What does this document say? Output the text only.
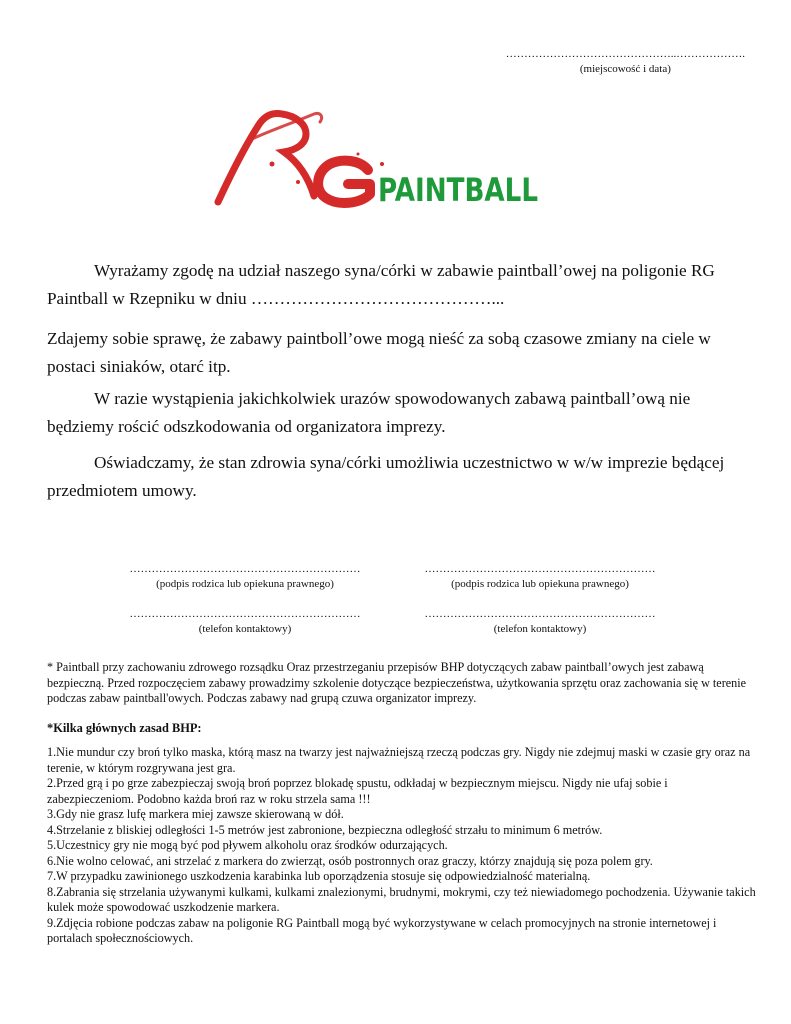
………………………………………..……………….
(miejscowość i data)
PAINTBALL
Wyrażamy zgodę na udział naszego syna/córki w zabawie paintball’owej na poligonie RG Paintball w Rzepniku w dniu ……………………………………...
Zdajemy sobie sprawę, że zabawy paintboll’owe mogą nieść za sobą czasowe zmiany na ciele w postaci siniaków, otarć itp.
W razie wystąpienia jakichkolwiek urazów spowodowanych zabawą paintball’ową nie będziemy rościć odszkodowania od organizatora imprezy.
Oświadczamy, że stan zdrowia syna/córki umożliwia uczestnictwo w w/w imprezie będącej przedmiotem umowy.
………………………………………………………
(podpis rodzica lub opiekuna prawnego)
………………………………………………………
(podpis rodzica lub opiekuna prawnego)
………………………………………………………
(telefon kontaktowy)
………………………………………………………
(telefon kontaktowy)
* Paintball przy zachowaniu zdrowego rozsądku Oraz przestrzeganiu przepisów BHP dotyczących zabaw paintball’owych jest zabawą bezpieczną. Przed rozpoczęciem zabawy prowadzimy szkolenie dotyczące bezpieczeństwa, użytkowania sprzętu oraz zachowania się w terenie podczas zabaw paintball'owych. Podczas zabawy nad grupą czuwa organizator imprezy.
*Kilka głównych zasad BHP:

1.Nie mundur czy broń tylko maska, którą masz na twarzy jest najważniejszą rzeczą podczas gry. Nigdy nie zdejmuj maski w czasie gry oraz na terenie, w którym rozgrywana jest gra.

2.Przed grą i po grze zabezpieczaj swoją broń poprzez blokadę spustu, odkładaj w bezpiecznym miejscu. Nigdy nie ufaj sobie i zabezpieczeniom. Podobno każda broń raz w roku strzela sama !!!

3.Gdy nie grasz lufę markera miej zawsze skierowaną w dół.

4.Strzelanie z bliskiej odległości 1-5 metrów jest zabronione, bezpieczna odległość strzału to minimum 6 metrów.

5.Uczestnicy gry nie mogą być pod pływem alkoholu oraz środków odurzających.

6.Nie wolno celować, ani strzelać z markera do zwierząt, osób postronnych oraz graczy, którzy znajdują się poza polem gry.

7.W przypadku zawinionego uszkodzenia karabinka lub oporządzenia stosuje się odpowiedzialność materialną.

8.Zabrania się strzelania używanymi kulkami, kulkami znalezionymi, brudnymi, mokrymi, czy też niewiadomego pochodzenia. Używanie takich kulek może spowodować uszkodzenie markera.

9.Zdjęcia robione podczas zabaw na poligonie RG Paintball mogą być wykorzystywane w celach promocyjnych na stronie internetowej i portalach społecznościowych.
